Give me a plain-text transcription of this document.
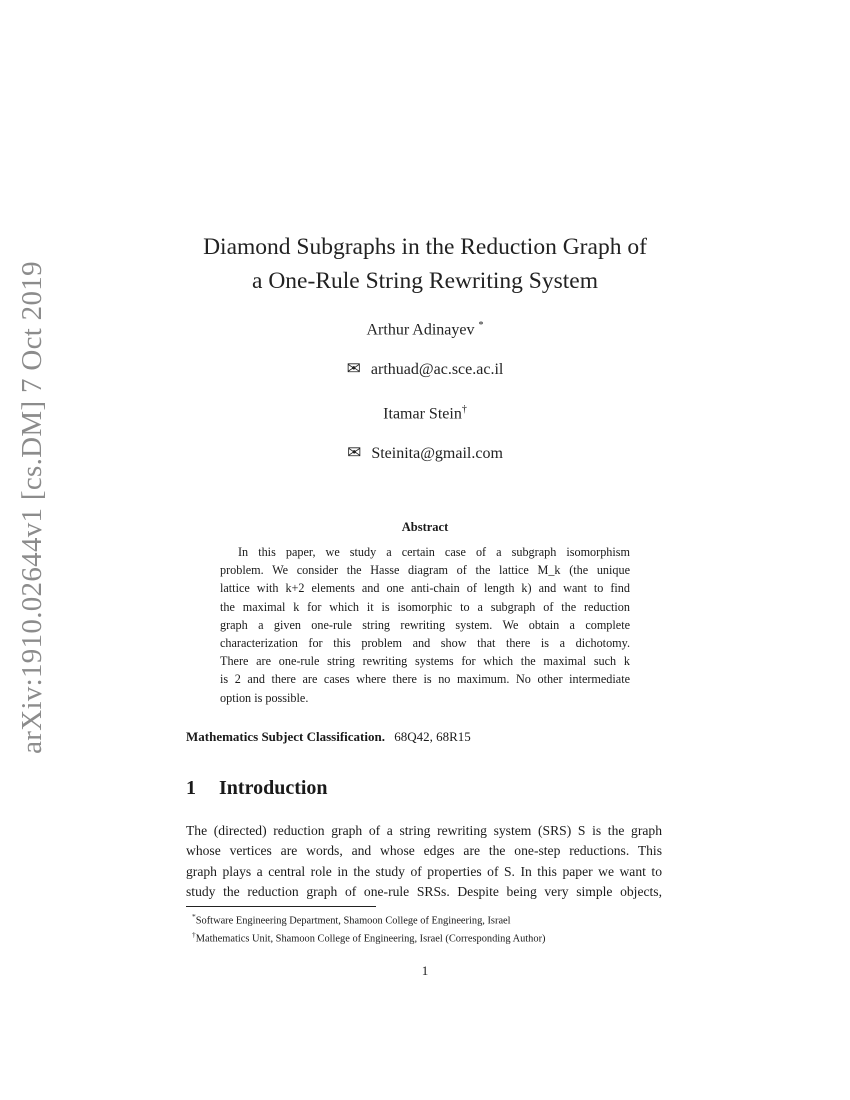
arXiv:1910.02644v1 [cs.DM] 7 Oct 2019
Diamond Subgraphs in the Reduction Graph of
a One-Rule String Rewriting System
Arthur Adinayev *
✉ arthuad@ac.sce.ac.il
Itamar Stein†
✉ Steinita@gmail.com
Abstract
In this paper, we study a certain case of a subgraph isomorphism
problem. We consider the Hasse diagram of the lattice M_k (the unique
lattice with k+2 elements and one anti-chain of length k) and want to find
the maximal k for which it is isomorphic to a subgraph of the reduction
graph a given one-rule string rewriting system. We obtain a complete
characterization for this problem and show that there is a dichotomy.
There are one-rule string rewriting systems for which the maximal such k
is 2 and there are cases where there is no maximum. No other intermediate
option is possible.
Mathematics Subject Classification. 68Q42, 68R15
1 Introduction
The (directed) reduction graph of a string rewriting system (SRS) S is the graph
whose vertices are words, and whose edges are the one-step reductions. This
graph plays a central role in the study of properties of S. In this paper we want to
study the reduction graph of one-rule SRSs. Despite being very simple objects,
*Software Engineering Department, Shamoon College of Engineering, Israel
†Mathematics Unit, Shamoon College of Engineering, Israel (Corresponding Author)
1
